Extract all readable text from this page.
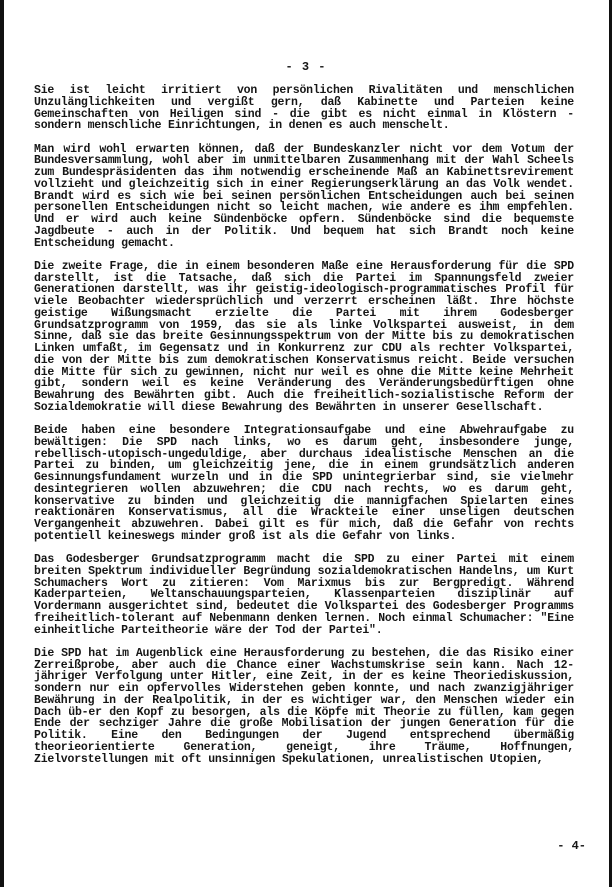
- 3 -

Sie ist leicht irritiert von persönlichen Rivalitäten und menschlichen Unzulänglichkeiten und vergißt gern, daß Kabinette und Parteien keine Gemeinschaften von Heiligen sind - die gibt es nicht einmal in Klöstern - sondern menschliche Einrichtungen, in denen es auch menschelt.

Man wird wohl erwarten können, daß der Bundeskanzler nicht vor dem Votum der Bundesversammlung, wohl aber im unmittelbaren Zusammenhang mit der Wahl Scheels zum Bundespräsidenten das ihm notwendig erscheinende Maß an Kabinettsrevirement vollzieht und gleichzeitig sich in einer Regierungserklärung an das Volk wendet. Brandt wird es sich wie bei seinen persönlichen Entscheidungen auch bei seinen personellen Entscheidungen nicht so leicht machen, wie andere es ihm empfehlen. Und er wird auch keine Sündenböcke opfern. Sündenböcke sind die bequemste Jagdbeute - auch in der Politik. Und bequem hat sich Brandt noch keine Entscheidung gemacht.

Die zweite Frage, die in einem besonderen Maße eine Herausforderung für die SPD darstellt, ist die Tatsache, daß sich die Partei im Spannungsfeld zweier Generationen darstellt, was ihr geistig-ideologisch-programmatisches Profil für viele Beobachter wiedersprüchlich und verzerrt erscheinen läßt. Ihre höchste geistige Wißungsmacht erzielte die Partei mit ihrem Godesberger Grundsatzprogramm von 1959, das sie als linke Volkspartei ausweist, in dem Sinne, daß sie das breite Gesinnungsspektrum von der Mitte bis zu demokratischen Linken umfaßt, im Gegensatz und in Konkurrenz zur CDU als rechter Volkspartei, die von der Mitte bis zum demokratischen Konservatismus reicht. Beide versuchen die Mitte für sich zu gewinnen, nicht nur weil es ohne die Mitte keine Mehrheit gibt, sondern weil es keine Veränderung des Veränderungsbedürftigen ohne Bewahrung des Bewährten gibt. Auch die freiheitlich-sozialistische Reform der Sozialdemokratie will diese Bewahrung des Bewährten in unserer Gesellschaft.

Beide haben eine besondere Integrationsaufgabe und eine Abwehraufgabe zu bewältigen: Die SPD nach links, wo es darum geht, insbesondere junge, rebellisch-utopisch-ungeduldige, aber durchaus idealistische Menschen an die Partei zu binden, um gleichzeitig jene, die in einem grundsätzlich anderen Gesinnungsfundament wurzeln und in die SPD unintegrierbar sind, sie vielmehr desintegrieren wollen abzuwehren; die CDU nach rechts, wo es darum geht, konservative zu binden und gleichzeitig die mannigfachen Spielarten eines reaktionären Konservatismus, all die Wrackteile einer unseligen deutschen Vergangenheit abzuwehren. Dabei gilt es für mich, daß die Gefahr von rechts potentiell keineswegs minder groß ist als die Gefahr von links.

Das Godesberger Grundsatzprogramm macht die SPD zu einer Partei mit einem breiten Spektrum individueller Begründung sozialdemokratischen Handelns, um Kurt Schumachers Wort zu zitieren: Vom Marixmus bis zur Bergpredigt. Während Kaderparteien, Weltanschauungsparteien, Klassenparteien disziplinär auf Vordermann ausgerichtet sind, bedeutet die Volkspartei des Godesberger Programms freiheitlich-tolerant auf Nebenmann denken lernen. Noch einmal Schumacher: "Eine einheitliche Parteitheorie wäre der Tod der Partei".

Die SPD hat im Augenblick eine Herausforderung zu bestehen, die das Risiko einer Zerreißprobe, aber auch die Chance einer Wachstumskrise sein kann. Nach 12-jähriger Verfolgung unter Hitler, eine Zeit, in der es keine Theoriediskussion, sondern nur ein opfervolles Widerstehen geben konnte, und nach zwanzigjähriger Bewährung in der Realpolitik, in der es wichtiger war, den Menschen wieder ein Dach üb-er den Kopf zu besorgen, als die Köpfe mit Theorie zu füllen, kam gegen Ende der sechziger Jahre die große Mobilisation der jungen Generation für die Politik. Eine den Bedingungen der Jugend entsprechend übermäßig theorieorientierte Generation, geneigt, ihre Träume, Hoffnungen, Zielvorstellungen mit oft unsinnigen Spekulationen, unrealistischen Utopien,

- 4-
